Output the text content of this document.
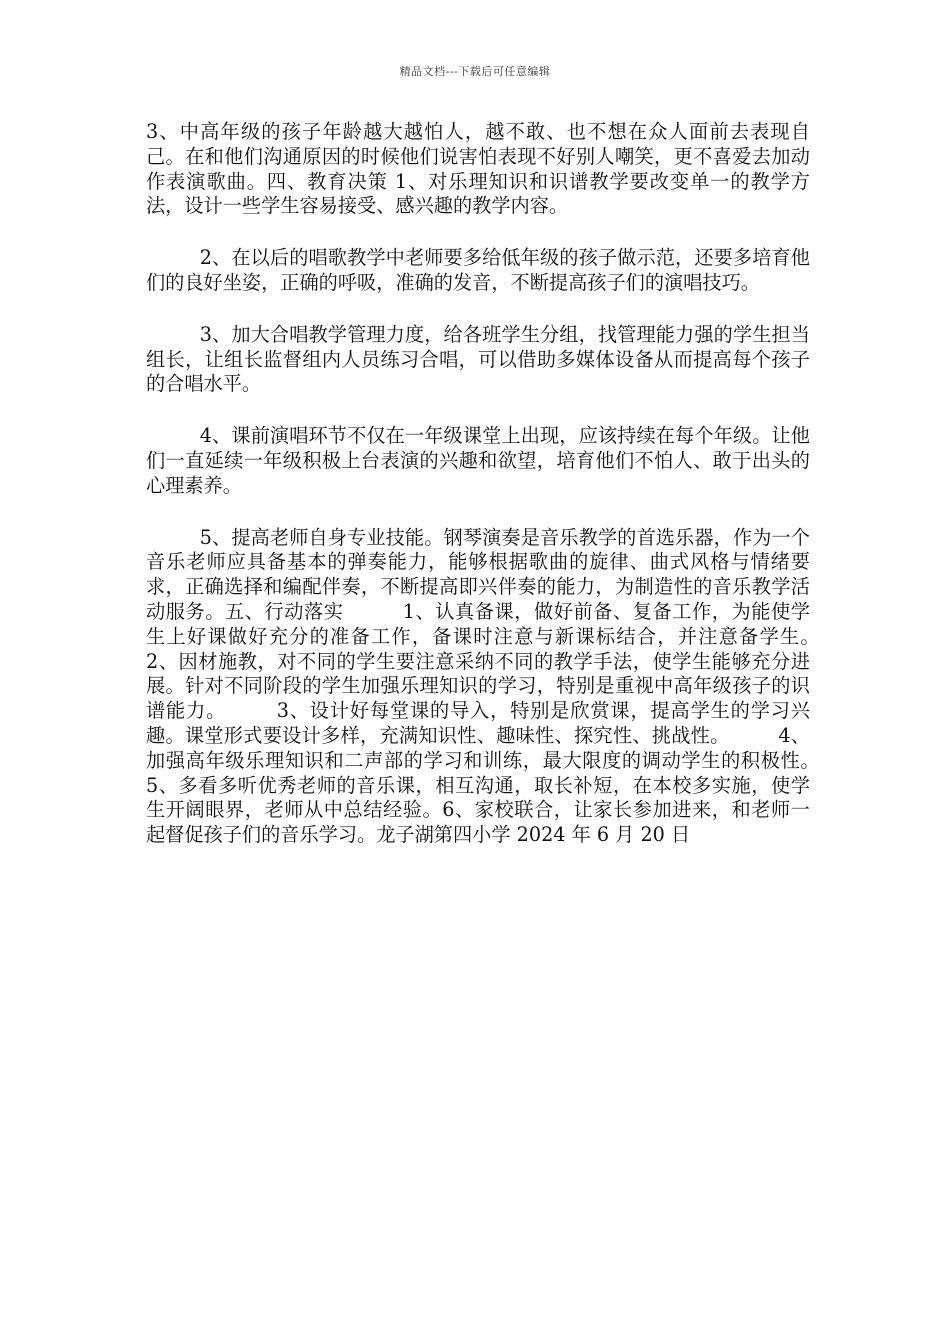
精品文档---下载后可任意编辑

3、中高年级的孩子年龄越大越怕人，越不敢、也不想在众人面前去表现自己。在和他们沟通原因的时候他们说害怕表现不好别人嘲笑，更不喜爱去加动作表演歌曲。四、教育决策 1、对乐理知识和识谱教学要改变单一的教学方法，设计一些学生容易接受、感兴趣的教学内容。

2、在以后的唱歌教学中老师要多给低年级的孩子做示范，还要多培育他们的良好坐姿，正确的呼吸，准确的发音，不断提高孩子们的演唱技巧。

3、加大合唱教学管理力度，给各班学生分组，找管理能力强的学生担当组长，让组长监督组内人员练习合唱，可以借助多媒体设备从而提高每个孩子的合唱水平。

4、课前演唱环节不仅在一年级课堂上出现，应该持续在每个年级。让他们一直延续一年级积极上台表演的兴趣和欲望，培育他们不怕人、敢于出头的心理素养。

5、提高老师自身专业技能。钢琴演奏是音乐教学的首选乐器，作为一个音乐老师应具备基本的弹奏能力，能够根据歌曲的旋律、曲式风格与情绪要求，正确选择和编配伴奏，不断提高即兴伴奏的能力，为制造性的音乐教学活动服务。五、行动落实　　　1、认真备课，做好前备、复备工作，为能使学生上好课做好充分的准备工作，备课时注意与新课标结合，并注意备学生。　　　2、因材施教，对不同的学生要注意采纳不同的教学手法，使学生能够充分进展。针对不同阶段的学生加强乐理知识的学习，特别是重视中高年级孩子的识谱能力。　　　3、设计好每堂课的导入，特别是欣赏课，提高学生的学习兴趣。课堂形式要设计多样，充满知识性、趣味性、探究性、挑战性。　　　4、加强高年级乐理知识和二声部的学习和训练，最大限度的调动学生的积极性。　　　5、多看多听优秀老师的音乐课，相互沟通，取长补短，在本校多实施，使学生开阔眼界，老师从中总结经验。6、家校联合，让家长参加进来，和老师一起督促孩子们的音乐学习。龙子湖第四小学 2024 年 6 月 20 日
